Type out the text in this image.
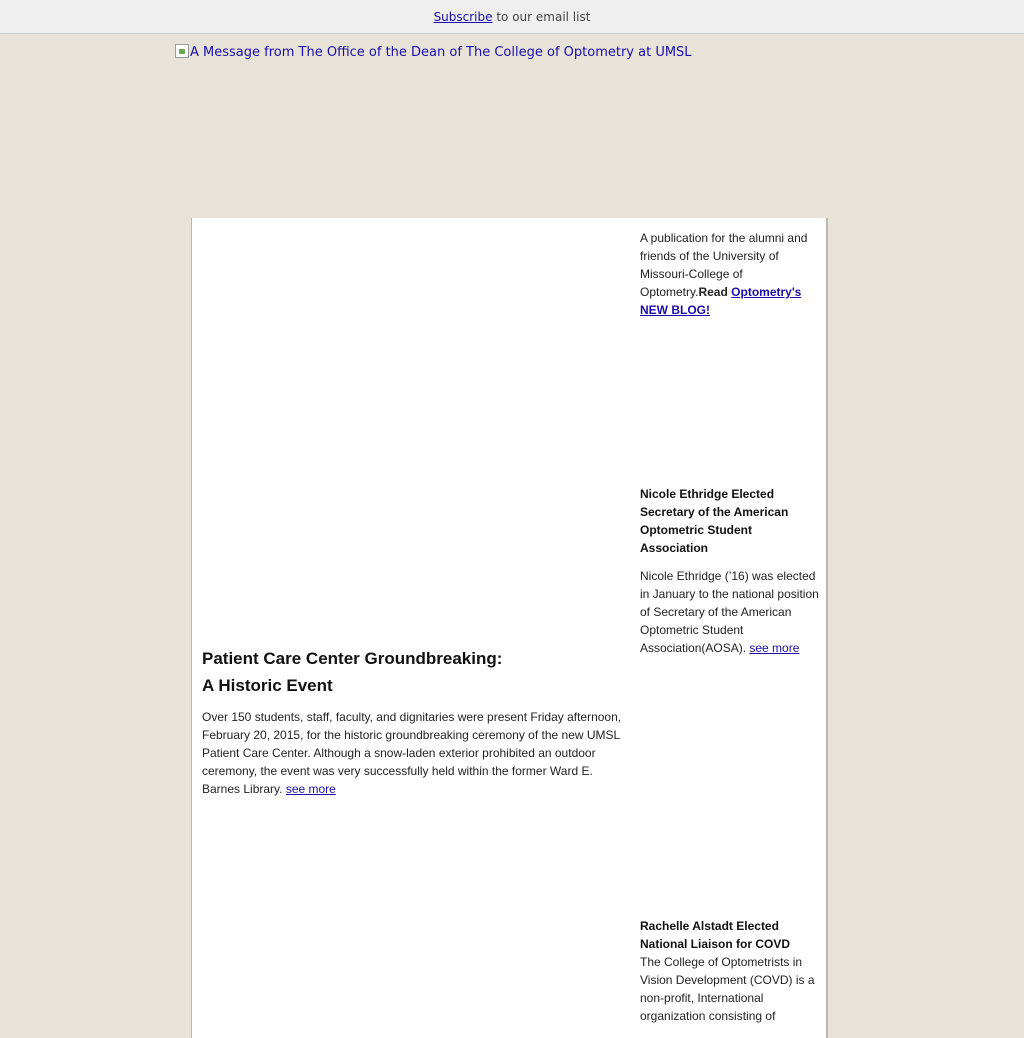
Subscribe to our email list
A Message from The Office of the Dean of The College of Optometry at UMSL
A publication for the alumni and friends of the University of Missouri-College of Optometry.Read Optometry's NEW BLOG!
Nicole Ethridge Elected Secretary of the American Optometric Student Association
Nicole Ethridge (’16) was elected in January to the national position of Secretary of the American Optometric Student Association(AOSA). see more
Patient Care Center Groundbreaking:
A Historic Event
Over 150 students, staff, faculty, and dignitaries were present Friday afternoon, February 20, 2015, for the historic groundbreaking ceremony of the new UMSL Patient Care Center. Although a snow-laden exterior prohibited an outdoor ceremony, the event was very successfully held within the former Ward E. Barnes Library. see more
Rachelle Alstadt Elected National Liaison for COVD
The College of Optometrists in Vision Development (COVD) is a non-profit, International organization consisting of
